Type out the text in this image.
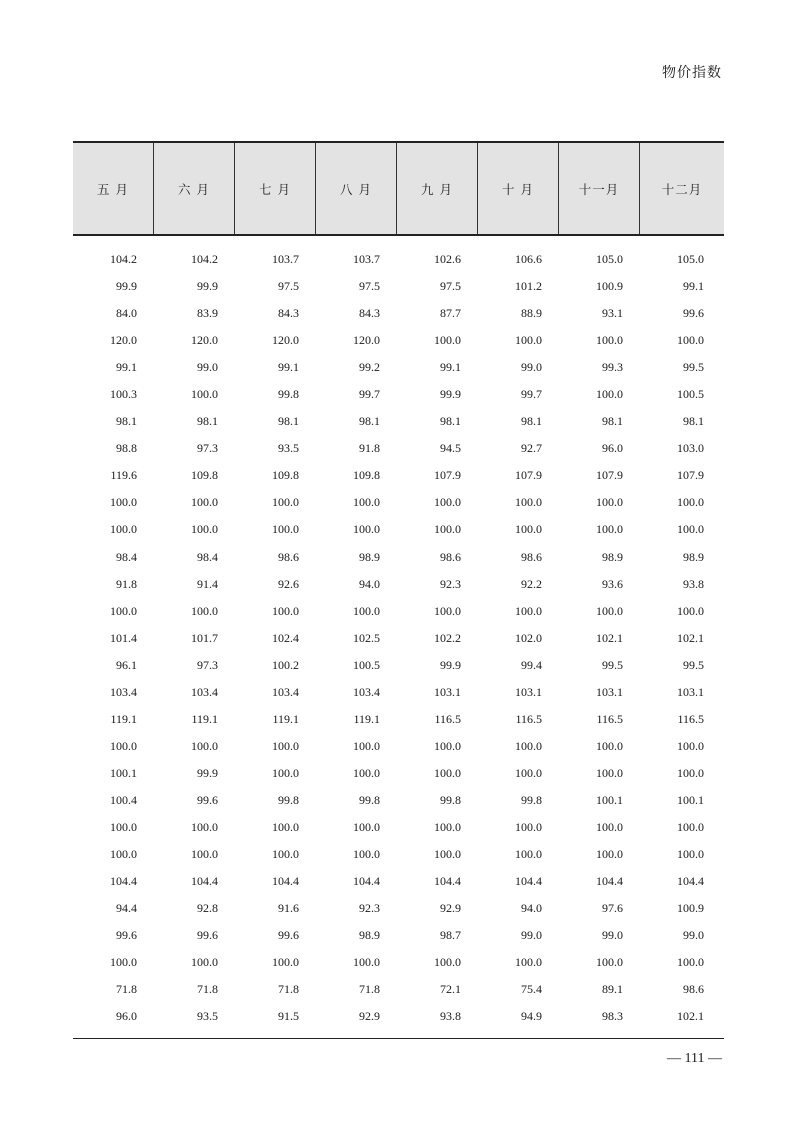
物价指数
五 月	六 月	七 月	八 月	九 月	十 月	十一月	十二月
104.2	104.2	103.7	103.7	102.6	106.6	105.0	105.0
99.9	99.9	97.5	97.5	97.5	101.2	100.9	99.1
84.0	83.9	84.3	84.3	87.7	88.9	93.1	99.6
120.0	120.0	120.0	120.0	100.0	100.0	100.0	100.0
99.1	99.0	99.1	99.2	99.1	99.0	99.3	99.5
100.3	100.0	99.8	99.7	99.9	99.7	100.0	100.5
98.1	98.1	98.1	98.1	98.1	98.1	98.1	98.1
98.8	97.3	93.5	91.8	94.5	92.7	96.0	103.0
119.6	109.8	109.8	109.8	107.9	107.9	107.9	107.9
100.0	100.0	100.0	100.0	100.0	100.0	100.0	100.0
100.0	100.0	100.0	100.0	100.0	100.0	100.0	100.0
98.4	98.4	98.6	98.9	98.6	98.6	98.9	98.9
91.8	91.4	92.6	94.0	92.3	92.2	93.6	93.8
100.0	100.0	100.0	100.0	100.0	100.0	100.0	100.0
101.4	101.7	102.4	102.5	102.2	102.0	102.1	102.1
96.1	97.3	100.2	100.5	99.9	99.4	99.5	99.5
103.4	103.4	103.4	103.4	103.1	103.1	103.1	103.1
119.1	119.1	119.1	119.1	116.5	116.5	116.5	116.5
100.0	100.0	100.0	100.0	100.0	100.0	100.0	100.0
100.1	99.9	100.0	100.0	100.0	100.0	100.0	100.0
100.4	99.6	99.8	99.8	99.8	99.8	100.1	100.1
100.0	100.0	100.0	100.0	100.0	100.0	100.0	100.0
100.0	100.0	100.0	100.0	100.0	100.0	100.0	100.0
104.4	104.4	104.4	104.4	104.4	104.4	104.4	104.4
94.4	92.8	91.6	92.3	92.9	94.0	97.6	100.9
99.6	99.6	99.6	98.9	98.7	99.0	99.0	99.0
100.0	100.0	100.0	100.0	100.0	100.0	100.0	100.0
71.8	71.8	71.8	71.8	72.1	75.4	89.1	98.6
96.0	93.5	91.5	92.9	93.8	94.9	98.3	102.1
— 111 —
